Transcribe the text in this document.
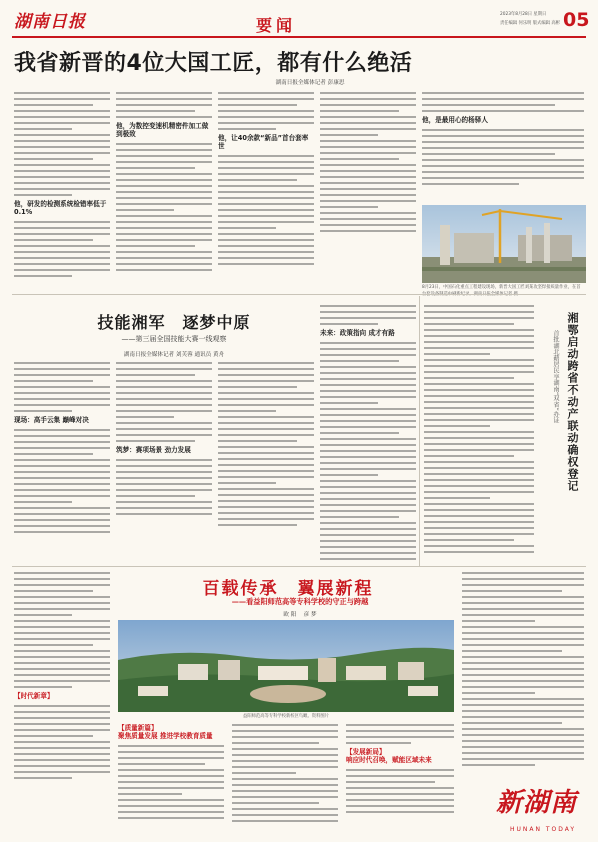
湖南日报	要闻
2023年8月28日 星期日
责任编辑 何乐明 版式编辑 高彬 05
我省新晋的4位大国工匠，都有什么绝活
湖南日报全媒体记者 彭康思
他，研发的检测系统检错率低于0.1%
他，为数控变速机精密件加工做到极致	他，让40余款“新品”首台套率世
他，是最用心的杨驿人
8月23日，中国石化重点工程建设现场，新晋大国工匠刘某攻坚焊接质量作业，在首
技能湘军　逐梦中原
——第三届全国技能大赛一线观察
湖南日报全媒体记者 刘芙蓉 通讯员 黄舟
现场：高手云集 巅峰对决
筑梦：赛项场景 劲力发展
未来：政策指向 成才有路	湘鄂启动跨省不动产联动确权登记
首批湖北藉居民享湖南“双省”办证
【时代新章】
百载传承　翼展新程
——看益阳师范高等专科学校的守正与跨越
欧 阳 　彦 梦
益阳师范高等专科学校新校区鸟瞰。资料图片
【质量新篇】
聚焦质量发展 推进学校教育质量
【发展新局】
响应时代召唤，赋能区域未来
新湖南
HUNAN TODAY
